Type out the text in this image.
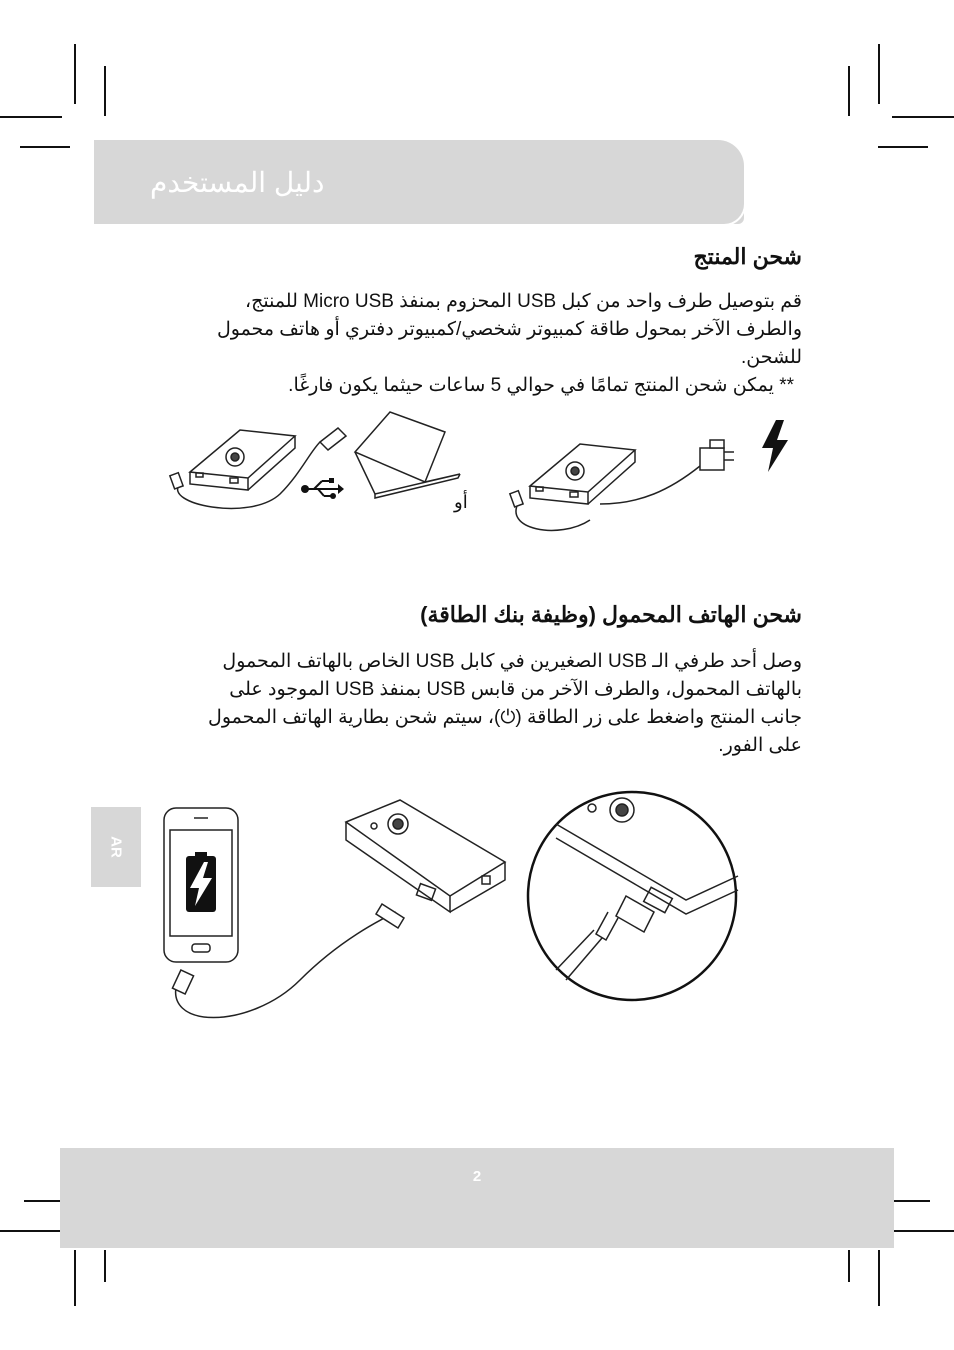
دليل المستخدم
شحن المنتج

قم بتوصيل طرف واحد من كبل USB المحزوم بمنفذ Micro USB للمنتج،

والطرف الآخر بمحول طاقة كمبيوتر شخصي/كمبيوتر دفتري أو هاتف محمول

للشحن.

** يمكن شحن المنتج تمامًا في حوالي 5 ساعات حيثما يكون فارغًا.
أو
شحن الهاتف المحمول (وظيفة بنك الطاقة)

وصل أحد طرفي الـ USB الصغيرين في كابل USB الخاص بالهاتف المحمول

بالهاتف المحمول، والطرف الآخر من قابس USB بمنفذ USB الموجود على

جانب المنتج واضغط على زر الطاقة (⏻)، سيتم شحن بطارية الهاتف المحمول

على الفور.

AR
2
